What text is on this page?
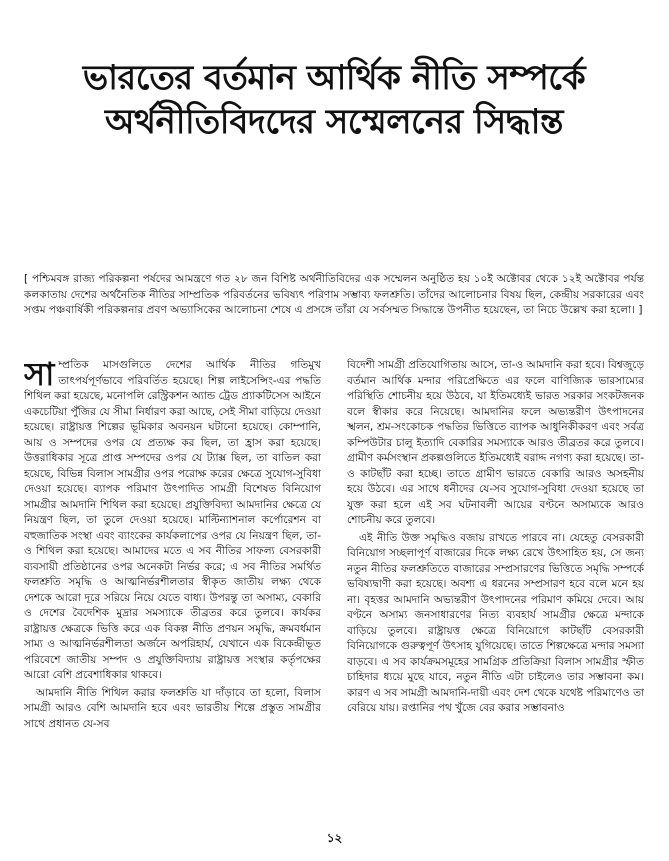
ভারতের বর্তমান আর্থিক নীতি সম্পর্কে
অর্থনীতিবিদদের সম্মেলনের সিদ্ধান্ত
[ পশ্চিমবঙ্গ রাজ্য পরিকল্পনা পর্ষদের আমন্ত্রণে গত ২৮ জন বিশিষ্ট অর্থনীতিবিদের এক সম্মেলন অনুষ্ঠিত হয় ১০ই অক্টোবর থেকে ১২ই অক্টোবর পর্যন্ত কলকাতায় দেশের অর্থনৈতিক নীতির সাম্প্রতিক পরিবর্তনের ভবিষ্যৎ পরিণাম সম্ভাব্য ফলশ্রুতি। তাঁদের আলোচনার বিষয় ছিল, কেন্দ্রীয় সরকারের এবং সপ্তম পঞ্চবার্ষিকী পরিকল্পনার প্রবণ অভ্যাসিকের আলোচনা শেষে এ প্রসঙ্গে তাঁরা যে সর্বসম্মত সিদ্ধান্তে উপনীত হয়েছেন, তা নিচে উল্লেখ করা হলো। ]

সাম্প্রতিক মাসগুলিতে দেশের আর্থিক নীতির গতিমুখ তাৎপর্যপূর্ণভাবে পরিবর্তিত হয়েছে। শিল্প লাইসেন্সিং-এর পদ্ধতি শিথিল করা হয়েছে, মনোপলি রেস্ট্রিকশন অ্যান্ড ট্রেড প্র্যাকটিসেস আইনে একচেটিয়া পুঁজির যে সীমা নির্ধারণ করা আছে, সেই সীমা বাড়িয়ে দেওয়া হয়েছে। রাষ্ট্রায়ত্ত শিল্পের ভূমিকার অবনয়ন ঘটানো হয়েছে। কোম্পানি, আয় ও সম্পদের ওপর যে প্রত্যক্ষ কর ছিল, তা হ্রাস করা হয়েছে। উত্তরাধিকার সূত্রে প্রাপ্ত সম্পদের ওপর যে ট্যাক্স ছিল, তা বাতিল করা হয়েছে, বিভিন্ন বিলাস সামগ্রীর ওপর পরোক্ষ করের ক্ষেত্রে সুযোগ-সুবিধা দেওয়া হয়েছে। ব্যাপক পরিমাণ উৎপাদিত সামগ্রী বিশেষত বিনিয়োগ সামগ্রীর আমদানি শিথিল করা হয়েছে। প্রযুক্তিবিদ্যা আমদানির ক্ষেত্রে যে নিয়ন্ত্রণ ছিল, তা তুলে দেওয়া হয়েছে। মাল্টিন্যাশনাল কর্পোরেশন বা বহুজাতিক সংস্থা এবং ব্যাংকের কার্যকলাপের ওপর যে নিয়ন্ত্রণ ছিল, তা-ও শিথিল করা হয়েছে। আমাদের মতে এ সব নীতির সাফল্য বেসরকারী ব্যবসায়ী প্রতিষ্ঠানের ওপর অনেকটা নির্ভর করে; এ সব নীতির সমর্থিত ফলশ্রুতি সমৃদ্ধি ও আত্মনির্ভরশীলতার স্বীকৃত জাতীয় লক্ষ্য থেকে দেশকে আরো দূরে সরিয়ে নিয়ে যেতে বাধ্য। উপরন্তু তা অসাম্য, বেকারি ও দেশের বৈদেশিক মুদ্রার সমস্যাকে তীব্রতর করে তুলবে। কার্যকর রাষ্ট্রায়ত্ত ক্ষেত্রকে ভিত্তি করে এক বিকল্প নীতি প্রণয়ন সমৃদ্ধি, ক্রমবর্ধমান সাম্য ও আত্মনির্ভরশীলতা অর্জনে অপরিহার্য, যেখানে এক বিকেন্দ্রীভূত পরিবেশে জাতীয় সম্পদ ও প্রযুক্তিবিদ্যায় রাষ্ট্রায়ত্ত সংস্থার কর্তৃপক্ষের আরো বেশি প্রবেশাধিকার থাকবে।

আমদানি নীতি শিথিল করার ফলশ্রুতি যা দাঁড়াবে তা হলো, বিলাস সামগ্রী আরও বেশি আমদানি হবে এবং ভারতীয় শিল্পে প্রস্তুত সামগ্রীর সাথে প্রধানত যে-সব

বিদেশী সামগ্রী প্রতিযোগিতায় আসে, তা-ও আমদানি করা হবে। বিশ্বজুড়ে বর্তমান আর্থিক মন্দার পরিপ্রেক্ষিতে এর ফলে বাণিজ্যিক ভারসাম্যের পরিস্থিতি শোচনীয় হয়ে উঠবে, যা ইতিমধ্যেই ভারত সরকার সংকটজনক বলে স্বীকার করে নিয়েছে। আমদানির ফলে অভ্যন্তরীণ উৎপাদনের স্খলন, শ্রম-সংকোচক পদ্ধতির ভিত্তিতে ব্যাপক আধুনিকীকরণ এবং সর্বত্র কম্পিউটার চালু ইত্যাদি বেকারির সমস্যাকে আরও তীব্রতর করে তুলবে। গ্রামীণ কর্মসংস্থান প্রকল্পগুলিতে ইতিমধ্যেই বরাদ্দ নগণ্য করা হয়েছে। তা-ও কাটছাঁট করা হচ্ছে। তাতে গ্রামীণ ভারতে বেকারি আরও অসহনীয় হয়ে উঠবে। এর সাথে ধনীদের যে-সব সুযোগ-সুবিধা দেওয়া হয়েছে তা যুক্ত করা হলে এই সব ঘটনাবলী আয়ের বণ্টনে অসাম্যকে আরও শোচনীয় করে তুলবে।

এই নীতি উক্ত সমৃদ্ধিও বজায় রাখতে পারবে না। যেহেতু বেসরকারী বিনিয়োগ সচ্ছলাপূর্ণ বাজারের দিকে লক্ষ্য রেখে উৎসাহিত হয়, সে জন্য নতুন নীতির ফলশ্রুতিতে বাজারের সম্প্রসারণের ভিত্তিতে সমৃদ্ধি সম্পর্কে ভবিষ্যদ্বাণী করা হয়েছে। অবশ্য এ ধরনের সম্প্রসারণ হবে বলে মনে হয় না। বৃহত্তর আমদানি অভ্যন্তরীণ উৎপাদনের পরিমাণ কমিয়ে দেবে। আয় বণ্টনে অসাম্য জনসাধারণের নিত্য ব্যবহার্য সামগ্রীর ক্ষেত্রে মন্দাকে বাড়িয়ে তুলবে। রাষ্ট্রায়ত্ত ক্ষেত্রে বিনিয়োগে কাটছাঁট বেসরকারী বিনিয়োগকে গুরুত্বপূর্ণ উৎসাহ যুগিয়েছে। তাতে শিল্পক্ষেত্রে মন্দার সমস্যা বাড়বে। এ সব কার্যক্রমসমূহের সামগ্রিক প্রতিক্রিয়া বিলাস সামগ্রীর স্ফীত চাহিদার ধ্যয়ে মুছে যাবে, নতুন নীতি এটা চাইলেও তার সম্ভাবনা কম। কারণ এ সব সামগ্রী আমদানি-দায়ী এবং দেশ থেকে যথেষ্ট পরিমাণেও তা বেরিয়ে যায়। রপ্তানির পথ খুঁজে বের করার সম্ভাবনাও

১২
